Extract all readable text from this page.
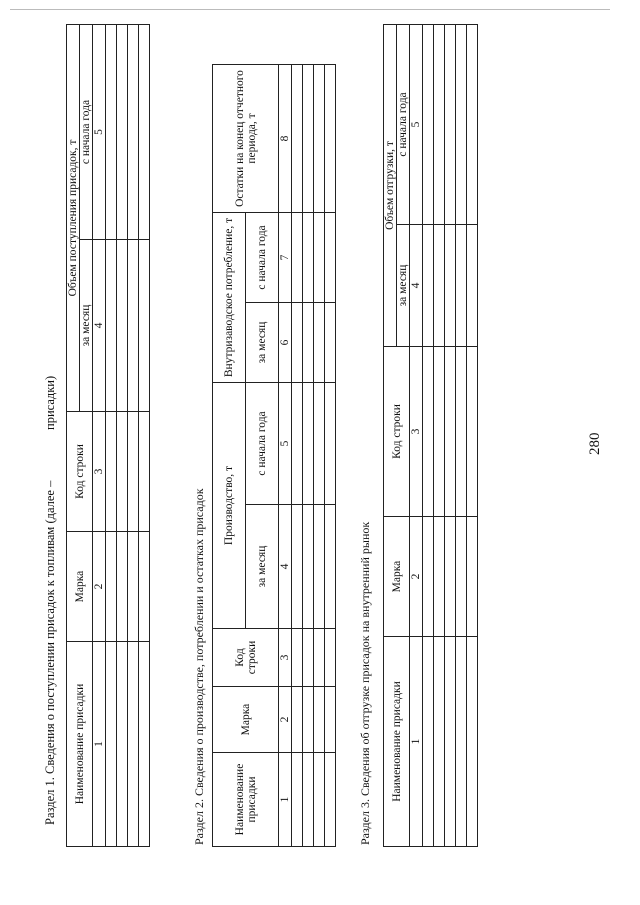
280
Раздел 1. Сведения о поступлении присадок к топливам (далее –
присадки)
Наименование присадки	Марка	Код строки	Объем поступления присадок, т	
			за месяц	с начала года
1	2	3	4	5

Раздел 2. Сведения о производстве, потреблении и остатках присадок Наименование присадки	Марка	Код строки	Производство, т		Внутризаводское потребление, т		Остатки на конец отчетного периода, т
			за месяц	с начала года	за месяц	с начала года	
1	2	3	4	5	6	7	8

Раздел 3. Сведения об отгрузке присадок на внутренний рынок Наименование присадки	Марка	Код строки	Объем отгрузки, т	
			за месяц	с начала года
1	2	3	4	5
